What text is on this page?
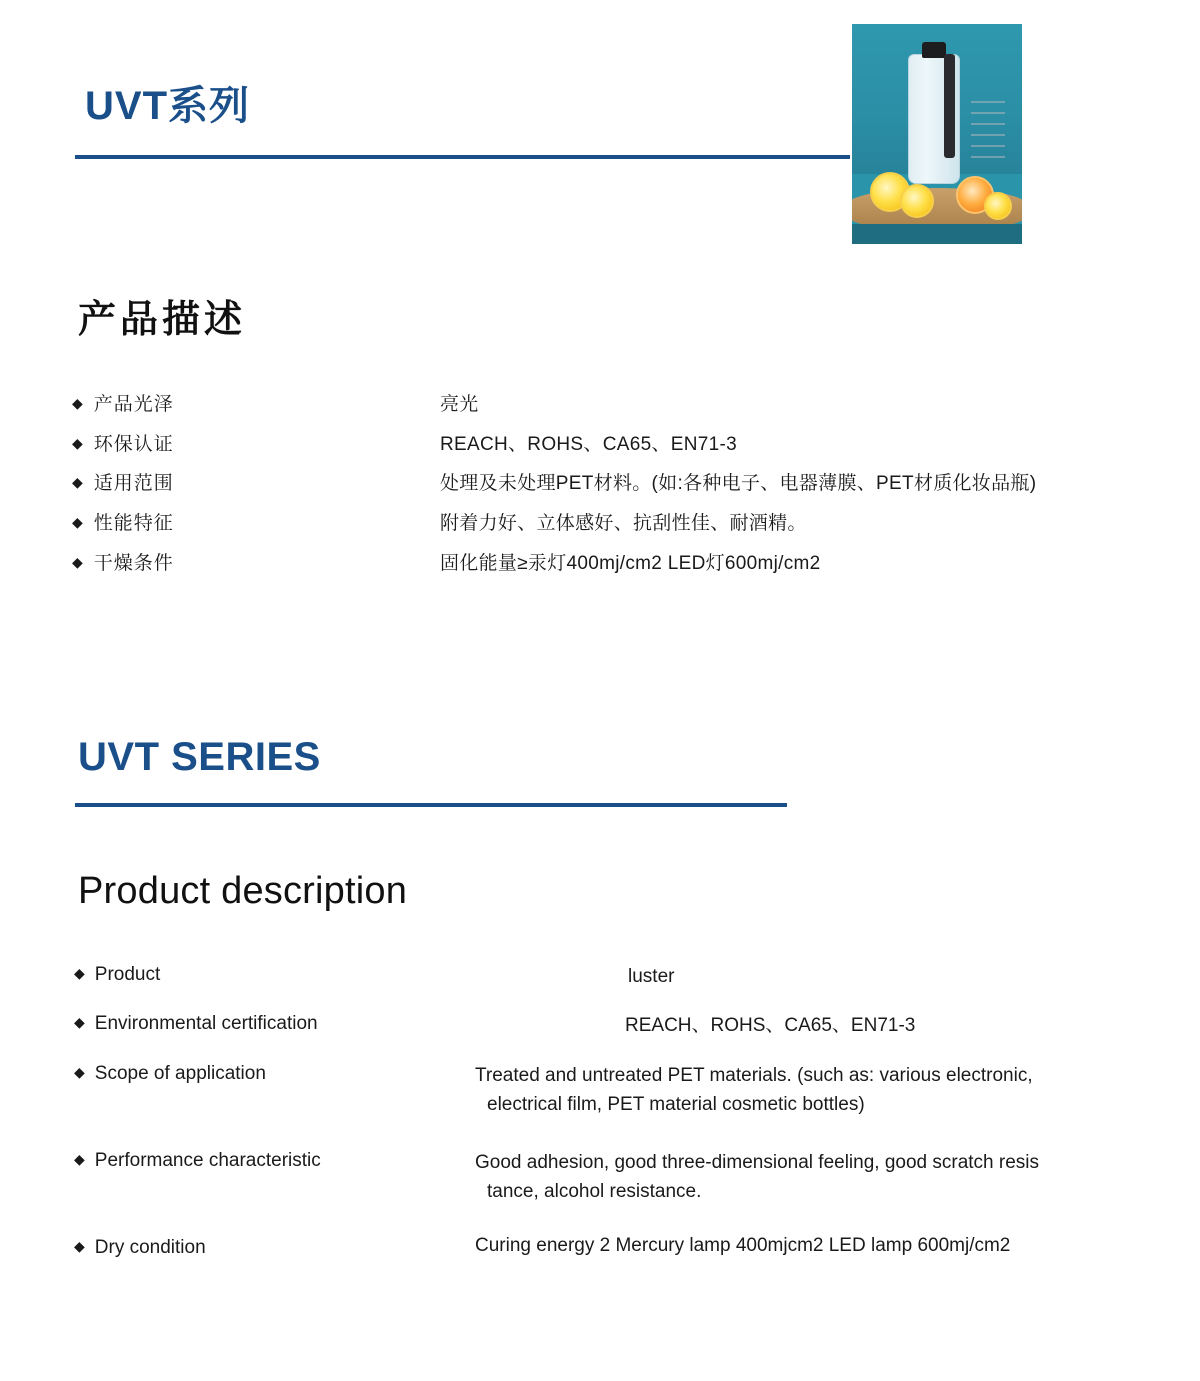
UVT系列
产品描述
◆ 产品光泽	亮光
◆ 环保认证	REACH、ROHS、CA65、EN71-3
◆ 适用范围	处理及未处理PET材料。(如:各种电子、电器薄膜、PET材质化妆品瓶)
◆ 性能特征	附着力好、立体感好、抗刮性佳、耐酒精。
◆ 干燥条件	固化能量≥汞灯400mj/cm2 LED灯600mj/cm2
UVT SERIES
Product description
◆ Product	luster
◆ Environmental certification	REACH、ROHS、CA65、EN71-3
◆ Scope of application	Treated and untreated PET materials. (such as: various electronic,
electrical film, PET material cosmetic bottles)
◆ Performance characteristic	Good adhesion, good three-dimensional feeling, good scratch resis
tance, alcohol resistance.
◆ Dry condition	Curing energy 2 Mercury lamp 400mjcm2 LED lamp 600mj/cm2
